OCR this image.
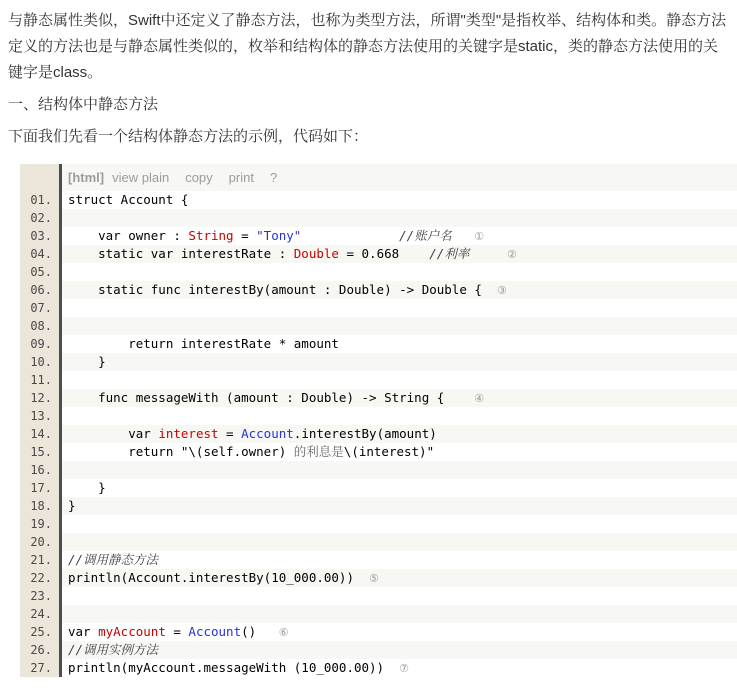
与静态属性类似，Swift中还定义了静态方法，也称为类型方法，所谓"类型"是指枚举、结构体和类。静态方法定义的方法也是与静态属性类似的，枚举和结构体的静态方法使用的关键字是static，类的静态方法使用的关键字是class。

一、结构体中静态方法

下面我们先看一个结构体静态方法的示例，代码如下：

[html] view plain copy print ?
01.	struct Account {
02.
03.	var owner : String = "Tony"	//账户名 ①
04.	static var interestRate : Double = 0.668 //利率	②
05.
06.	static func interestBy(amount : Double) -> Double {  ③
07.
08.
09.	return interestRate * amount
10.	}
11.
12.	func messageWith (amount : Double) -> String {    ④
13.
14.	var interest = Account.interestBy(amount)
15.	return "\(self.owner) 的利息是\(interest)"
16.
17.	}
18.	}
19.
20.
21.	//调用静态方法
22.	println(Account.interestBy(10_000.00))  ⑤
23.
24.
25.	var myAccount = Account()   ⑥
26.	//调用实例方法
27.	println(myAccount.messageWith (10_000.00))  ⑦
